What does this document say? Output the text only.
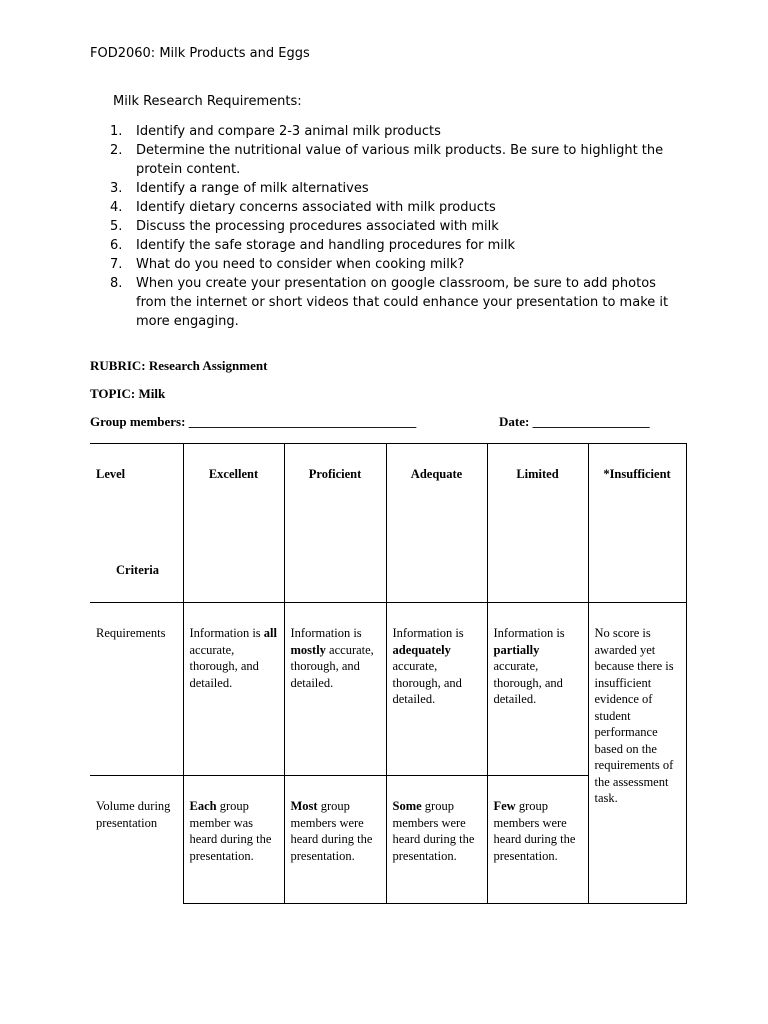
FOD2060: Milk Products and Eggs
Milk Research Requirements:
1. Identify and compare 2-3 animal milk products
2. Determine the nutritional value of various milk products. Be sure to highlight the protein content.
3. Identify a range of milk alternatives
4. Identify dietary concerns associated with milk products
5. Discuss the processing procedures associated with milk
6. Identify the safe storage and handling procedures for milk
7. What do you need to consider when cooking milk?
8. When you create your presentation on google classroom, be sure to add photos from the internet or short videos that could enhance your presentation to make it more engaging.
RUBRIC: Research Assignment
TOPIC: Milk
Group members: ___________________________________	Date: __________________
Level
Criteria	Excellent	Proficient	Adequate	Limited	*Insufficient
Requirements	Information is all accurate, thorough, and detailed.	Information is mostly accurate, thorough, and detailed.	Information is adequately accurate, thorough, and detailed.	Information is partially accurate, thorough, and detailed.	No score is awarded yet because there is insufficient evidence of student performance based on the requirements of the assessment task.
Volume during presentation	Each group member was heard during the presentation.	Most group members were heard during the presentation.	Some group members were heard during the presentation.	Few group members were heard during the presentation.	
